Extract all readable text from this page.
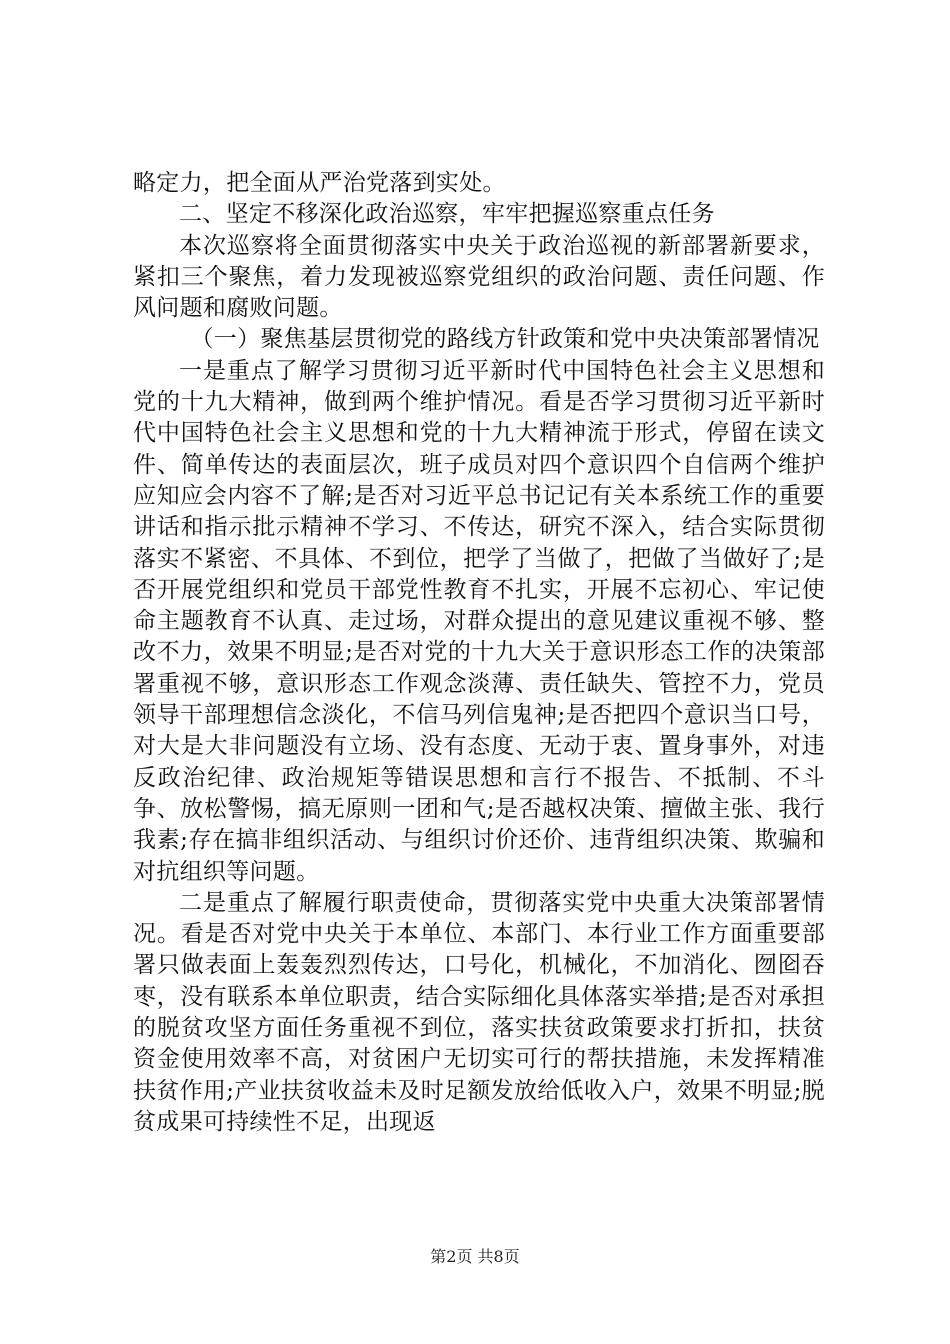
略定力，把全面从严治党落到实处。

二、坚定不移深化政治巡察，牢牢把握巡察重点任务

本次巡察将全面贯彻落实中央关于政治巡视的新部署新要求，紧扣三个聚焦，着力发现被巡察党组织的政治问题、责任问题、作风问题和腐败问题。

（一）聚焦基层贯彻党的路线方针政策和党中央决策部署情况

一是重点了解学习贯彻习近平新时代中国特色社会主义思想和党的十九大精神，做到两个维护情况。看是否学习贯彻习近平新时代中国特色社会主义思想和党的十九大精神流于形式，停留在读文件、简单传达的表面层次，班子成员对四个意识四个自信两个维护应知应会内容不了解;是否对习近平总书记记有关本系统工作的重要讲话和指示批示精神不学习、不传达，研究不深入，结合实际贯彻落实不紧密、不具体、不到位，把学了当做了，把做了当做好了;是否开展党组织和党员干部党性教育不扎实，开展不忘初心、牢记使命主题教育不认真、走过场，对群众提出的意见建议重视不够、整改不力，效果不明显;是否对党的十九大关于意识形态工作的决策部署重视不够，意识形态工作观念淡薄、责任缺失、管控不力，党员领导干部理想信念淡化，不信马列信鬼神;是否把四个意识当口号，对大是大非问题没有立场、没有态度、无动于衷、置身事外，对违反政治纪律、政治规矩等错误思想和言行不报告、不抵制、不斗争、放松警惕，搞无原则一团和气;是否越权决策、擅做主张、我行我素;存在搞非组织活动、与组织讨价还价、违背组织决策、欺骗和对抗组织等问题。

二是重点了解履行职责使命，贯彻落实党中央重大决策部署情况。看是否对党中央关于本单位、本部门、本行业工作方面重要部署只做表面上轰轰烈烈传达，口号化，机械化，不加消化、囫囵吞枣，没有联系本单位职责，结合实际细化具体落实举措;是否对承担的脱贫攻坚方面任务重视不到位，落实扶贫政策要求打折扣，扶贫资金使用效率不高，对贫困户无切实可行的帮扶措施，未发挥精准扶贫作用;产业扶贫收益未及时足额发放给低收入户，效果不明显;脱贫成果可持续性不足，出现返

第2页 共8页
